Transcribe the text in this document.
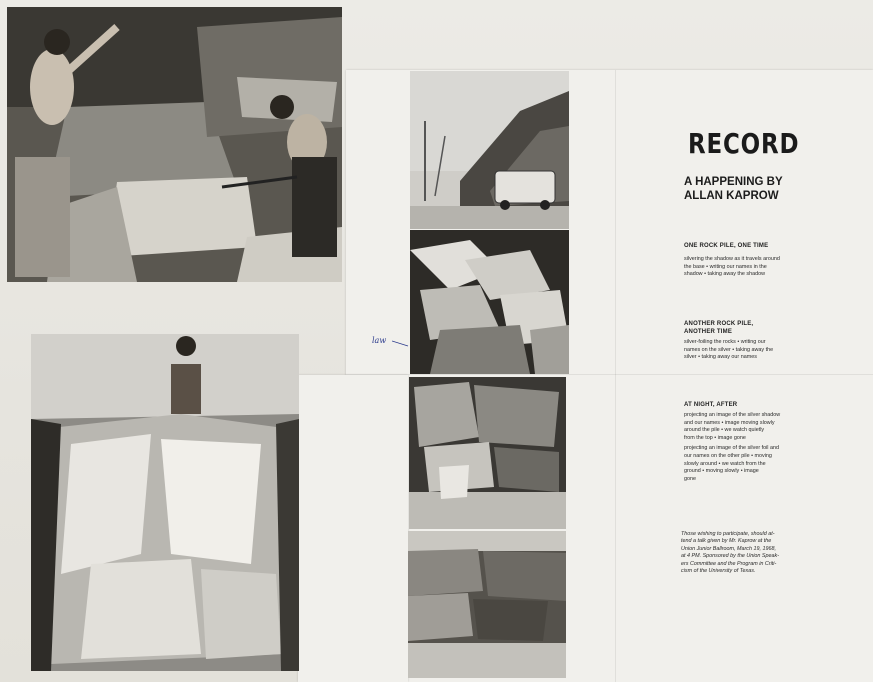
RECORD
A HAPPENING BY
ALLAN KAPROW
ONE ROCK PILE, ONE TIME
silvering the shadow as it travels around
the base • writing our names in the
shadow • taking away the shadow
ANOTHER ROCK PILE,
ANOTHER TIME
silver-foiling the rocks • writing our
names on the silver • taking away the
silver • taking away our names
AT NIGHT, AFTER
projecting an image of the silver shadow
and our names • image moving slowly
around the pile • we watch quietly
from the top • image gone
projecting an image of the silver foil and
our names on the other pile • moving
slowly around • we watch from the
ground • moving slowly • image
gone
Those wishing to participate, should at-
tend a talk given by Mr. Kaprow at the
Union Junior Ballroom, March 19, 1968,
at 4 PM. Sponsored by the Union Speak-
ers Committee and the Program in Criti-
cism of the University of Texas.
law
